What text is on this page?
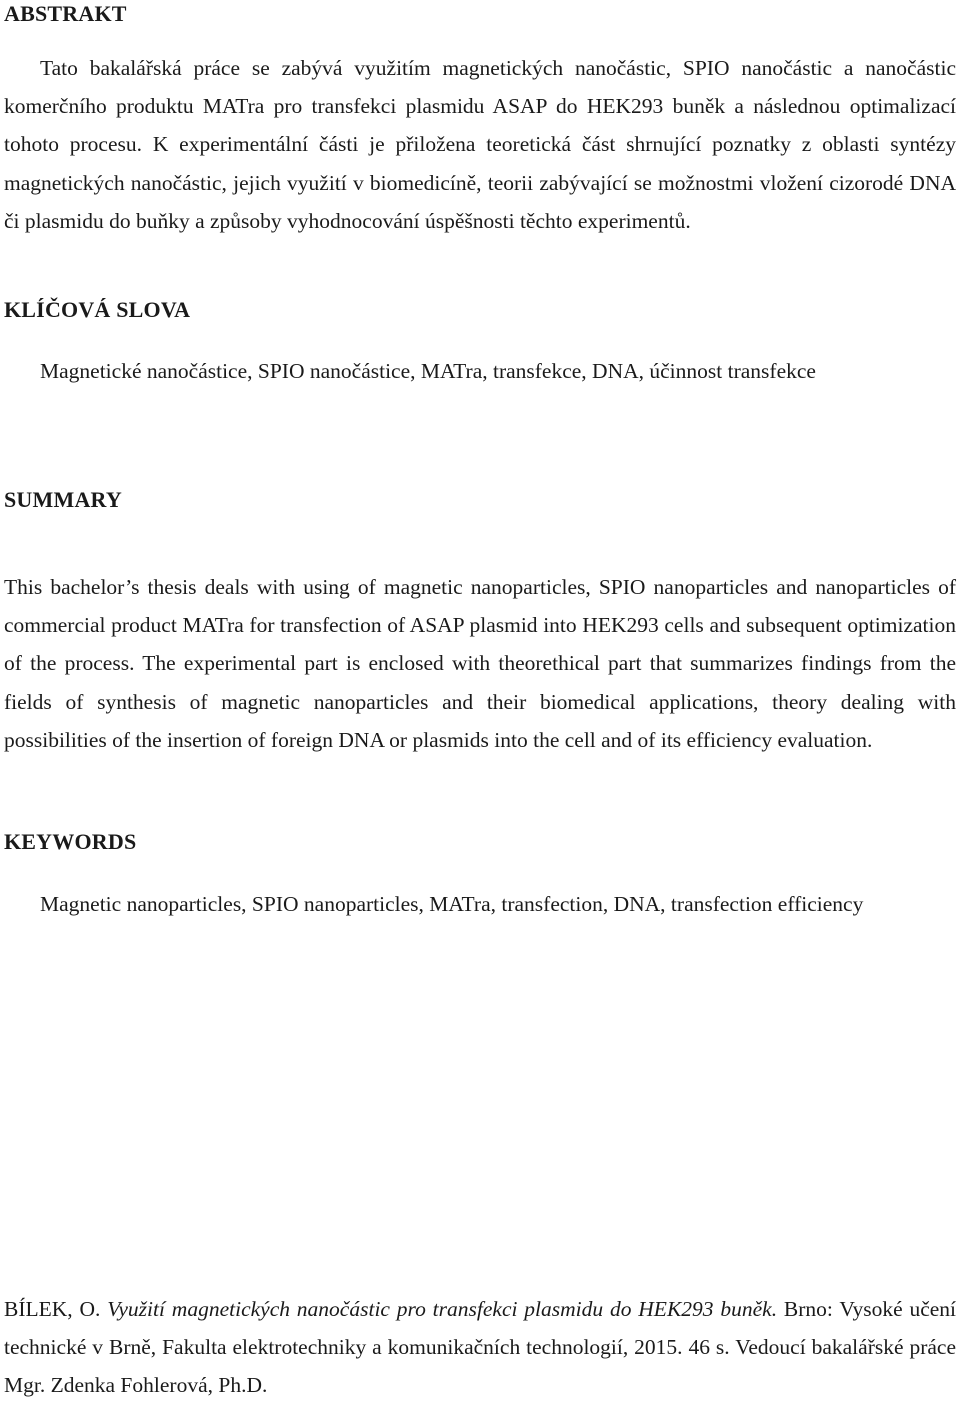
ABSTRAKT

Tato bakalářská práce se zabývá využitím magnetických nanočástic, SPIO nanočástic a nanočástic komerčního produktu MATra pro transfekci plasmidu ASAP do HEK293 buněk a následnou optimalizací tohoto procesu. K experimentální části je přiložena teoretická část shrnující poznatky z oblasti syntézy magnetických nanočástic, jejich využití v biomedicíně, teorii zabývající se možnostmi vložení cizorodé DNA či plasmidu do buňky a způsoby vyhodnocování úspěšnosti těchto experimentů.

KLÍČOVÁ SLOVA

Magnetické nanočástice, SPIO nanočástice, MATra, transfekce, DNA, účinnost transfekce

SUMMARY

This bachelor’s thesis deals with using of magnetic nanoparticles, SPIO nanoparticles and nanoparticles of commercial product MATra for transfection of ASAP plasmid into HEK293 cells and subsequent optimization of the process. The experimental part is enclosed with theorethical part that summarizes findings from the fields of synthesis of magnetic nanoparticles and their biomedical applications, theory dealing with possibilities of the insertion of foreign DNA or plasmids into the cell and of its efficiency evaluation.

KEYWORDS

Magnetic nanoparticles, SPIO nanoparticles, MATra, transfection, DNA, transfection efficiency

BÍLEK, O. Využití magnetických nanočástic pro transfekci plasmidu do HEK293 buněk. Brno: Vysoké učení technické v Brně, Fakulta elektrotechniky a komunikačních technologií, 2015. 46 s. Vedoucí bakalářské práce Mgr. Zdenka Fohlerová, Ph.D.
